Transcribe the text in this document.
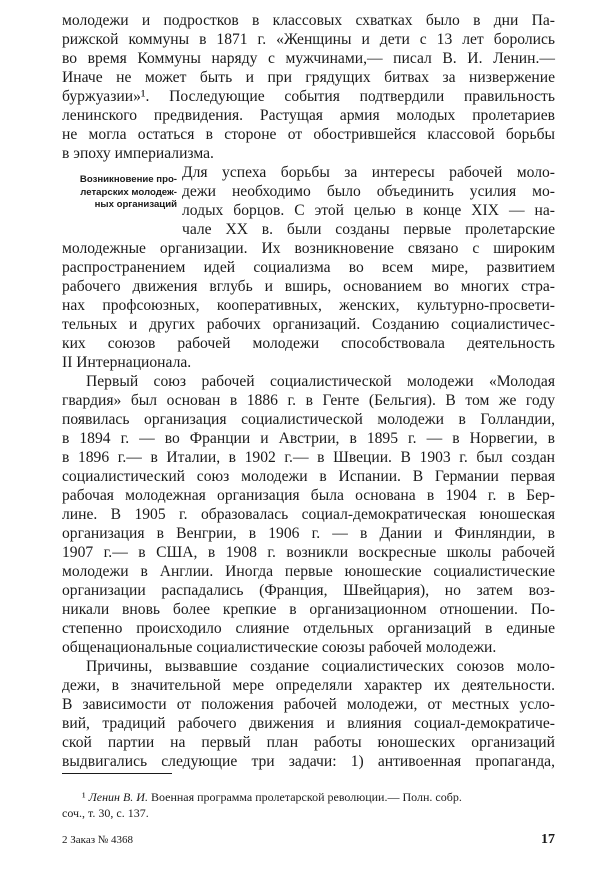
молодежи и подростков в классовых схватках было в дни Па-
рижской коммуны в 1871 г. «Женщины и дети с 13 лет боролись
во время Коммуны наряду с мужчинами,— писал В. И. Ленин.—
Иначе не может быть и при грядущих битвах за низвержение
буржуазии»¹. Последующие события подтвердили правильность
ленинского предвидения. Растущая армия молодых пролетариев
не могла остаться в стороне от обострившейся классовой борьбы
в эпоху империализма.
Возникновение про-
летарских молодеж-
ных организаций
Для успеха борьбы за интересы рабочей моло-
дежи необходимо было объединить усилия мо-
лодых борцов. С этой целью в конце XIX — на-
чале XX в. были созданы первые пролетарские
молодежные организации. Их возникновение связано с широким
распространением идей социализма во всем мире, развитием
рабочего движения вглубь и вширь, основанием во многих стра-
нах профсоюзных, кооперативных, женских, культурно-просвети-
тельных и других рабочих организаций. Созданию социалистичес-
ких союзов рабочей молодежи способствовала деятельность
II Интернационала.
Первый союз рабочей социалистической молодежи «Молодая
гвардия» был основан в 1886 г. в Генте (Бельгия). В том же году
появилась организация социалистической молодежи в Голландии,
в 1894 г. — во Франции и Австрии, в 1895 г. — в Норвегии, в
в 1896 г.— в Италии, в 1902 г.— в Швеции. В 1903 г. был создан
социалистический союз молодежи в Испании. В Германии первая
рабочая молодежная организация была основана в 1904 г. в Бер-
лине. В 1905 г. образовалась социал-демократическая юношеская
организация в Венгрии, в 1906 г. — в Дании и Финляндии, в
1907 г.— в США, в 1908 г. возникли воскресные школы рабочей
молодежи в Англии. Иногда первые юношеские социалистические
организации распадались (Франция, Швейцария), но затем воз-
никали вновь более крепкие в организационном отношении. По-
степенно происходило слияние отдельных организаций в единые
общенациональные социалистические союзы рабочей молодежи.
Причины, вызвавшие создание социалистических союзов моло-
дежи, в значительной мере определяли характер их деятельности.
В зависимости от положения рабочей молодежи, от местных усло-
вий, традиций рабочего движения и влияния социал-демократиче-
ской партии на первый план работы юношеских организаций
выдвигались следующие три задачи: 1) антивоенная пропаганда,
¹ Ленин В. И. Военная программа пролетарской революции.— Полн. собр.
соч., т. 30, с. 137.
2 Заказ № 4368	17
